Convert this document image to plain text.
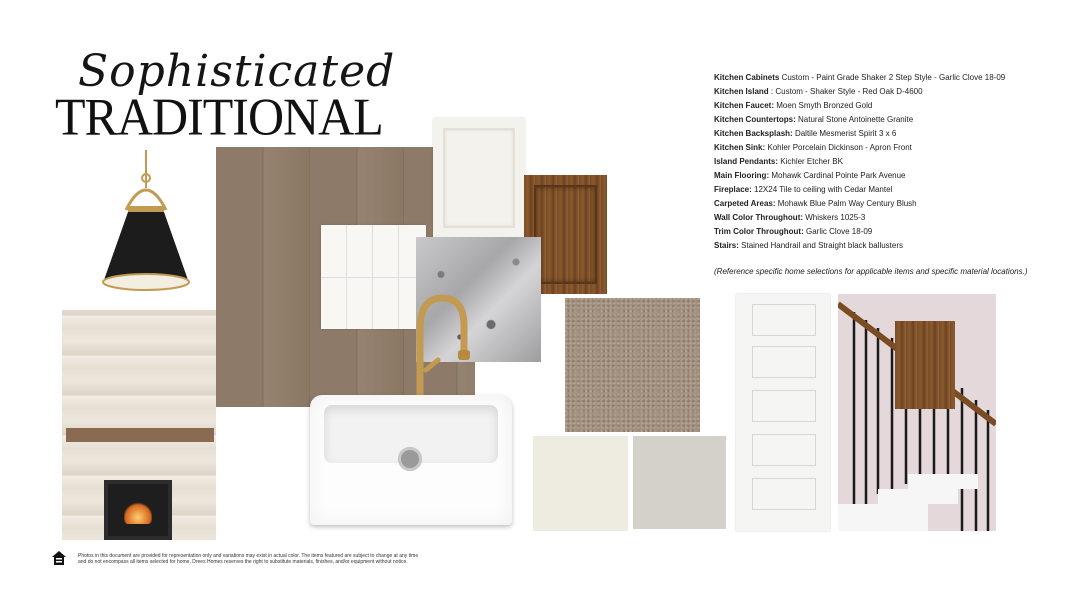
Sophisticated
TRADITIONAL
Kitchen Cabinets Custom - Paint Grade Shaker 2 Step Style - Garlic Clove 18-09
Kitchen Island : Custom - Shaker Style - Red Oak D-4600
Kitchen Faucet: Moen Smyth Bronzed Gold
Kitchen Countertops: Natural Stone Antoinette Granite
Kitchen Backsplash: Daltile Mesmerist Spirit 3 x 6
Kitchen Sink: Kohler Porcelain Dickinson - Apron Front
Island Pendants: Kichler Etcher BK
Main Flooring: Mohawk Cardinal Pointe Park Avenue
Fireplace: 12X24 Tile to ceiling with Cedar Mantel
Carpeted Areas: Mohawk Blue Palm Way Century Blush
Wall Color Throughout: Whiskers 1025-3
Trim Color Throughout: Garlic Clove 18-09
Stairs: Stained Handrail and Straight black ballusters
(Reference specific home selections for applicable items and specific material locations.)
Photos in this document are provided for representation only and variations may exist in actual color. The items featured are subject to change at any time
and do not encompass all items selected for home. Drees Homes reserves the right to substitute materials, finishes, and/or equipment without notice.
